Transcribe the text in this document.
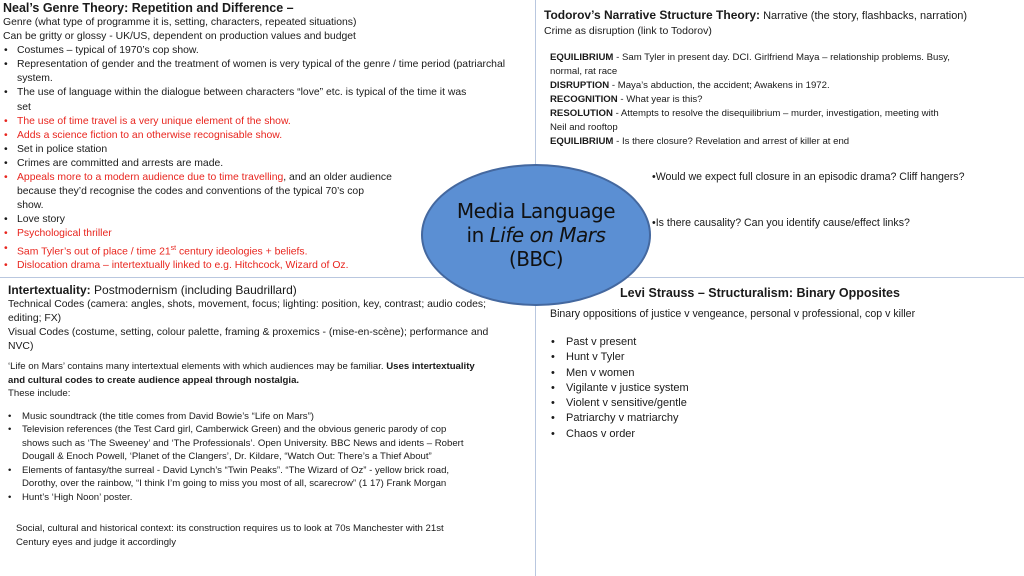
Neal’s Genre Theory: Repetition and Difference –
Genre (what type of programme it is, setting, characters, repeated situations)
Can be gritty or glossy - UK/US, dependent on production values and budget
• Costumes – typical of 1970’s cop show.
• Representation of gender and the treatment of women is very typical of the genre / time period (patriarchal
system.
• The use of language within the dialogue between characters “love” etc. is typical of the time it was
set
• The use of time travel is a very unique element of the show.
• Adds a science fiction to an otherwise recognisable show.
• Set in police station
• Crimes are committed and arrests are made.
• Appeals more to a modern audience due to time travelling, and an older audience
because they’d recognise the codes and conventions of the typical 70’s cop
show.
• Love story
• Psychological thriller
• Sam Tyler’s out of place / time 21st century ideologies + beliefs.
• Dislocation drama – intertextually linked to e.g. Hitchcock, Wizard of Oz.
Todorov’s Narrative Structure Theory: Narrative (the story, flashbacks, narration)
Crime as disruption (link to Todorov)

EQUILIBRIUM - Sam Tyler in present day. DCI. Girlfriend Maya – relationship problems. Busy,
normal, rat race

DISRUPTION - Maya’s abduction, the accident; Awakens in 1972.

RECOGNITION - What year is this?

RESOLUTION - Attempts to resolve the disequilibrium – murder, investigation, meeting with
Neil and rooftop

EQUILIBRIUM - Is there closure? Revelation and arrest of killer at end

•Would we expect full closure in an episodic drama? Cliff hangers?
•Is there causality? Can you identify cause/effect links?
Intertextuality: Postmodernism (including Baudrillard)

Technical Codes (camera: angles, shots, movement, focus; lighting: position, key, contrast; audio codes;

editing; FX)

Visual Codes (costume, setting, colour palette, framing & proxemics - (mise-en-scène); performance and

NVC)

‘Life on Mars’ contains many intertextual elements with which audiences may be familiar. Uses intertextuality
and cultural codes to create audience appeal through nostalgia.
These include:
• Music soundtrack (the title comes from David Bowie’s “Life on Mars”)
• Television references (the Test Card girl, Camberwick Green) and the obvious generic parody of cop
shows such as ‘The Sweeney’ and ‘The Professionals’. Open University. BBC News and idents – Robert
Dougall & Enoch Powell, ‘Planet of the Clangers’, Dr. Kildare, “Watch Out: There’s a Thief About”
• Elements of fantasy/the surreal - David Lynch’s “Twin Peaks”. “The Wizard of Oz” - yellow brick road,
Dorothy, over the rainbow, “I think I’m going to miss you most of all, scarecrow” (1 17) Frank Morgan
• Hunt’s ‘High Noon’ poster.
Social, cultural and historical context: its construction requires us to look at 70s Manchester with 21st
Century eyes and judge it accordingly
Levi Strauss – Structuralism: Binary Opposites
Binary oppositions of justice v vengeance, personal v professional, cop v killer
• Past v present
• Hunt v Tyler
• Men v women
• Vigilante v justice system
• Violent v sensitive/gentle
• Patriarchy v matriarchy
• Chaos v order
Media Language
in Life on Mars
(BBC)
